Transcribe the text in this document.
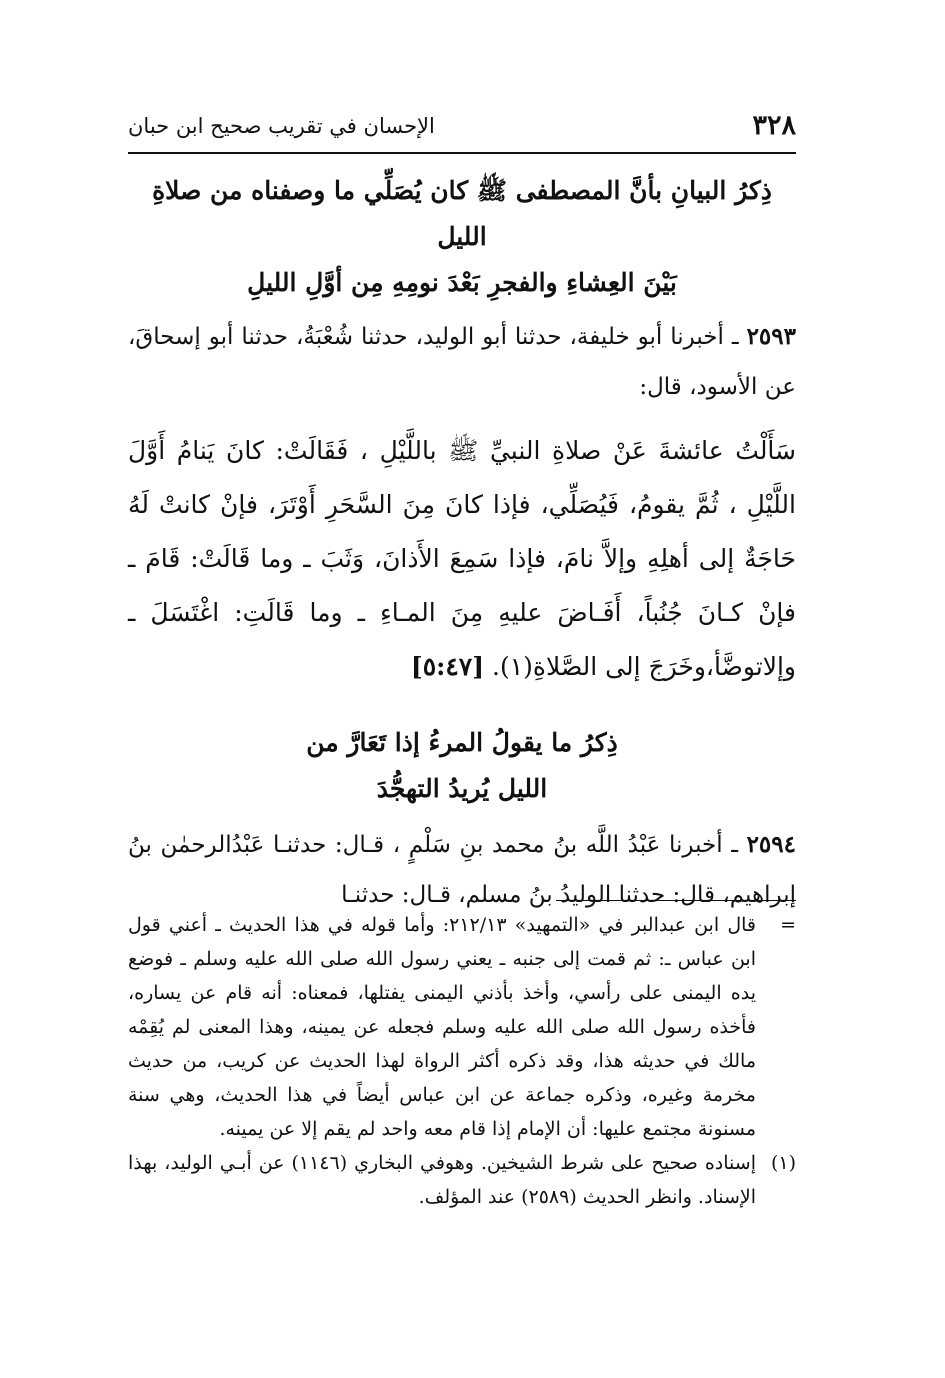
٣٢٨
الإحسان في تقريب صحيح ابن حبان
ذِكرُ البيانِ بأنَّ المصطفى ﷺ كان يُصَلِّي ما وصفناه من صلاةِ الليل
بَيْنَ العِشاءِ والفجرِ بَعْدَ نومِهِ مِن أوَّلِ الليلِ
٢٥٩٣ ـ أخبرنا أبو خليفة، حدثنا أبو الوليد، حدثنا شُعْبَةُ، حدثنا أبو إسحاقَ، عن الأسود، قال:
سَأَلْتُ عائشةَ عَنْ صلاةِ النبيِّ ﷺ باللَّيْلِ ، فَقَالَتْ: كانَ يَنامُ أَوَّلَ اللَّيْلِ ، ثُمَّ يقومُ، فَيُصَلِّي، فإذا كانَ مِنَ السَّحَرِ أَوْتَرَ، فإنْ كانتْ لَهُ حَاجَةٌ إلى أهلِهِ وإلاَّ نامَ، فإذا سَمِعَ الأَذانَ، وَثَبَ ـ وما قَالَتْ: قَامَ ـ فإنْ كـانَ جُنُباً، أَفَـاضَ عليهِ مِنَ المـاءِ ـ وما قَالَتِ: اغْتَسَلَ ـ وإلاتوضَّأ،وخَرَجَ إلى الصَّلاةِ(١). [٥:٤٧]
ذِكرُ ما يقولُ المرءُ إذا تَعَارَّ من
الليل يُريدُ التهجُّدَ
٢٥٩٤ ـ أخبرنا عَبْدُ اللَّه بنُ محمد بنِ سَلْمٍ ، قـال: حدثنـا عَبْدُالرحمٰن بنُ إبراهيم، قال: حدثنا الوليدُ بنُ مسلم، قـال: حدثنـا
=
قال ابن عبدالبر في «التمهيد» ٢١٢/١٣: وأما قوله في هذا الحديث ـ أعني قول ابن عباس ـ: ثم قمت إلى جنبه ـ يعني رسول الله صلى الله عليه وسلم ـ فوضع يده اليمنى على رأسي، وأخذ بأذني اليمنى يفتلها، فمعناه: أنه قام عن يساره، فأخذه رسول الله صلى الله عليه وسلم فجعله عن يمينه، وهذا المعنى لم يُقِمْه مالك في حديثه هذا، وقد ذكره أكثر الرواة لهذا الحديث عن كريب، من حديث مخرمة وغيره، وذكره جماعة عن ابن عباس أيضاً في هذا الحديث، وهي سنة مسنونة مجتمع عليها: أن الإمام إذا قام معه واحد لم يقم إلا عن يمينه.
(١)
إسناده صحيح على شرط الشيخين. وهوفي البخاري (١١٤٦) عن أبـي الوليد، بهذا الإسناد. وانظر الحديث (٢٥٨٩) عند المؤلف.
